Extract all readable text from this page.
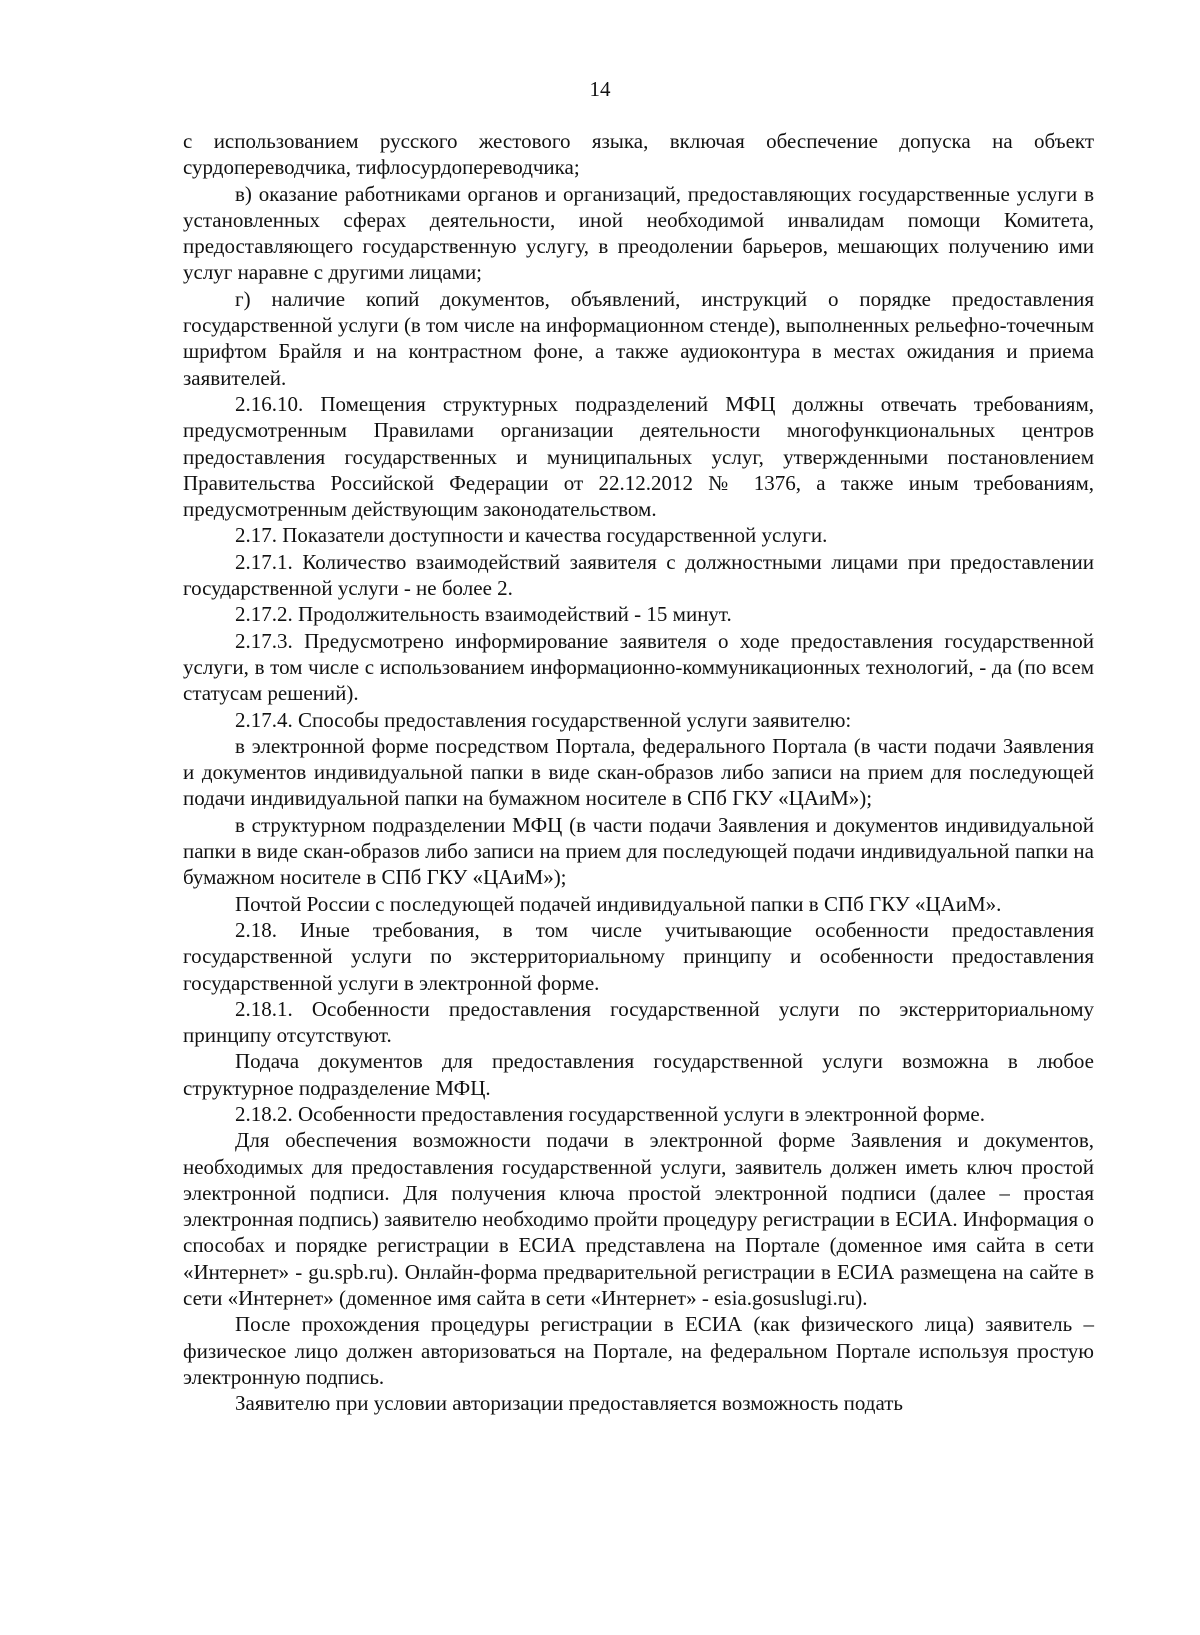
14

с использованием русского жестового языка, включая обеспечение допуска на объект сурдопереводчика, тифлосурдопереводчика;

в) оказание работниками органов и организаций, предоставляющих государственные услуги в установленных сферах деятельности, иной необходимой инвалидам помощи Комитета, предоставляющего государственную услугу, в преодолении барьеров, мешающих получению ими услуг наравне с другими лицами;

г) наличие копий документов, объявлений, инструкций о порядке предоставления государственной услуги (в том числе на информационном стенде), выполненных рельефно-точечным шрифтом Брайля и на контрастном фоне, а также аудиоконтура в местах ожидания и приема заявителей.

2.16.10. Помещения структурных подразделений МФЦ должны отвечать требованиям, предусмотренным Правилами организации деятельности многофункциональных центров предоставления государственных и муниципальных услуг, утвержденными постановлением Правительства Российской Федерации от 22.12.2012 № 1376, а также иным требованиям, предусмотренным действующим законодательством.

2.17. Показатели доступности и качества государственной услуги.

2.17.1. Количество взаимодействий заявителя с должностными лицами при предоставлении государственной услуги - не более 2.

2.17.2. Продолжительность взаимодействий - 15 минут.

2.17.3. Предусмотрено информирование заявителя о ходе предоставления государственной услуги, в том числе с использованием информационно-коммуникационных технологий, - да (по всем статусам решений).

2.17.4. Способы предоставления государственной услуги заявителю:

в электронной форме посредством Портала, федерального Портала (в части подачи Заявления и документов индивидуальной папки в виде скан-образов либо записи на прием для последующей подачи индивидуальной папки на бумажном носителе в СПб ГКУ «ЦАиМ»);

в структурном подразделении МФЦ (в части подачи Заявления и документов индивидуальной папки в виде скан-образов либо записи на прием для последующей подачи индивидуальной папки на бумажном носителе в СПб ГКУ «ЦАиМ»);

Почтой России с последующей подачей индивидуальной папки в СПб ГКУ «ЦАиМ».

2.18. Иные требования, в том числе учитывающие особенности предоставления государственной услуги по экстерриториальному принципу и особенности предоставления государственной услуги в электронной форме.

2.18.1. Особенности предоставления государственной услуги по экстерриториальному принципу отсутствуют.

Подача документов для предоставления государственной услуги возможна в любое структурное подразделение МФЦ.

2.18.2. Особенности предоставления государственной услуги в электронной форме.

Для обеспечения возможности подачи в электронной форме Заявления и документов, необходимых для предоставления государственной услуги, заявитель должен иметь ключ простой электронной подписи. Для получения ключа простой электронной подписи (далее – простая электронная подпись) заявителю необходимо пройти процедуру регистрации в ЕСИА. Информация о способах и порядке регистрации в ЕСИА представлена на Портале (доменное имя сайта в сети «Интернет» - gu.spb.ru). Онлайн-форма предварительной регистрации в ЕСИА размещена на сайте в сети «Интернет» (доменное имя сайта в сети «Интернет» - esia.gosuslugi.ru).

После прохождения процедуры регистрации в ЕСИА (как физического лица) заявитель – физическое лицо должен авторизоваться на Портале, на федеральном Портале используя простую электронную подпись.

Заявителю при условии авторизации предоставляется возможность подать
